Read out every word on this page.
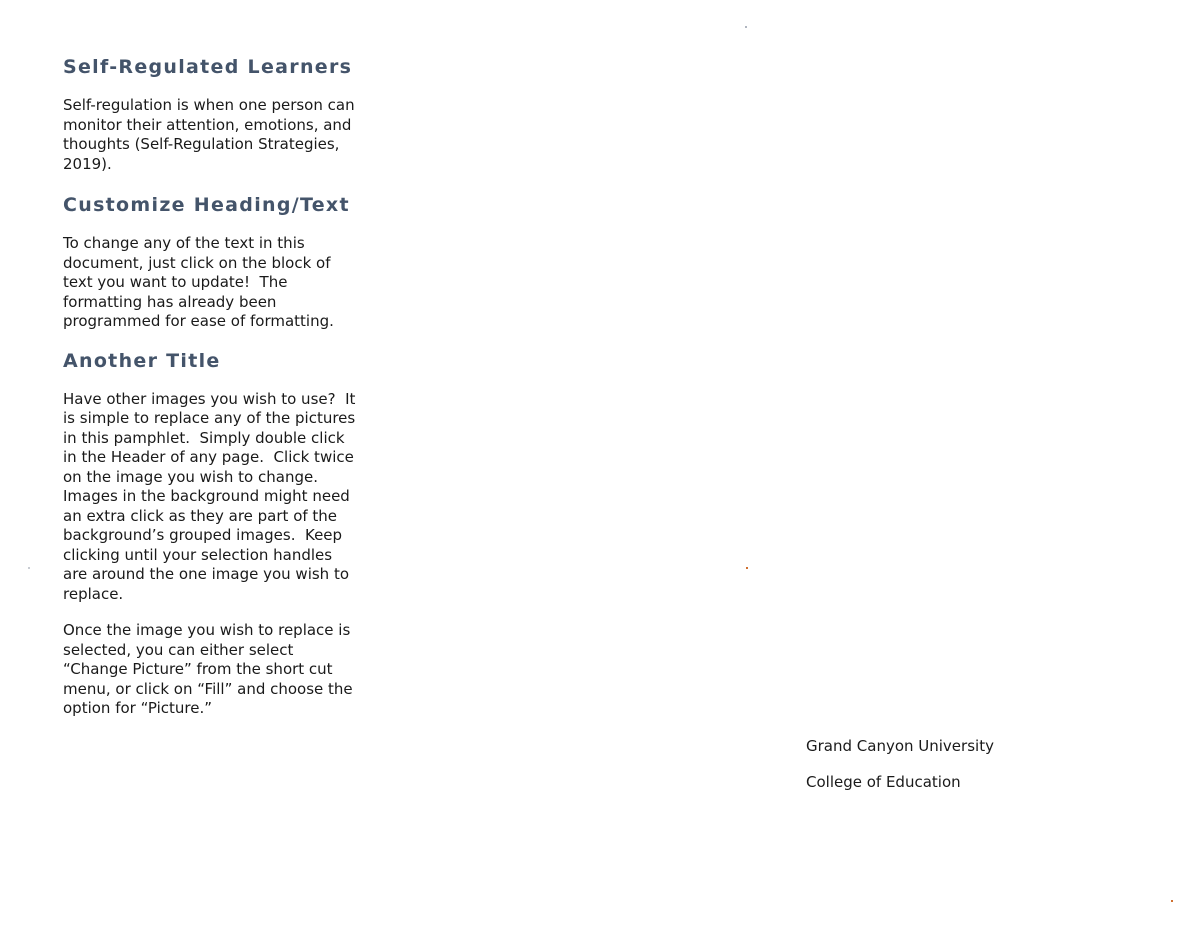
Self-Regulated Learners
Self-regulation is when one person can
monitor their attention, emotions, and
thoughts (Self-Regulation Strategies,
2019).
Customize Heading/Text
To change any of the text in this
document, just click on the block of
text you want to update!  The
formatting has already been
programmed for ease of formatting.
Another Title
Have other images you wish to use?  It
is simple to replace any of the pictures
in this pamphlet.  Simply double click
in the Header of any page.  Click twice
on the image you wish to change.
Images in the background might need
an extra click as they are part of the
background’s grouped images.  Keep
clicking until your selection handles
are around the one image you wish to
replace.
Once the image you wish to replace is
selected, you can either select
“Change Picture” from the short cut
menu, or click on “Fill” and choose the
option for “Picture.”
Grand Canyon University
College of Education
